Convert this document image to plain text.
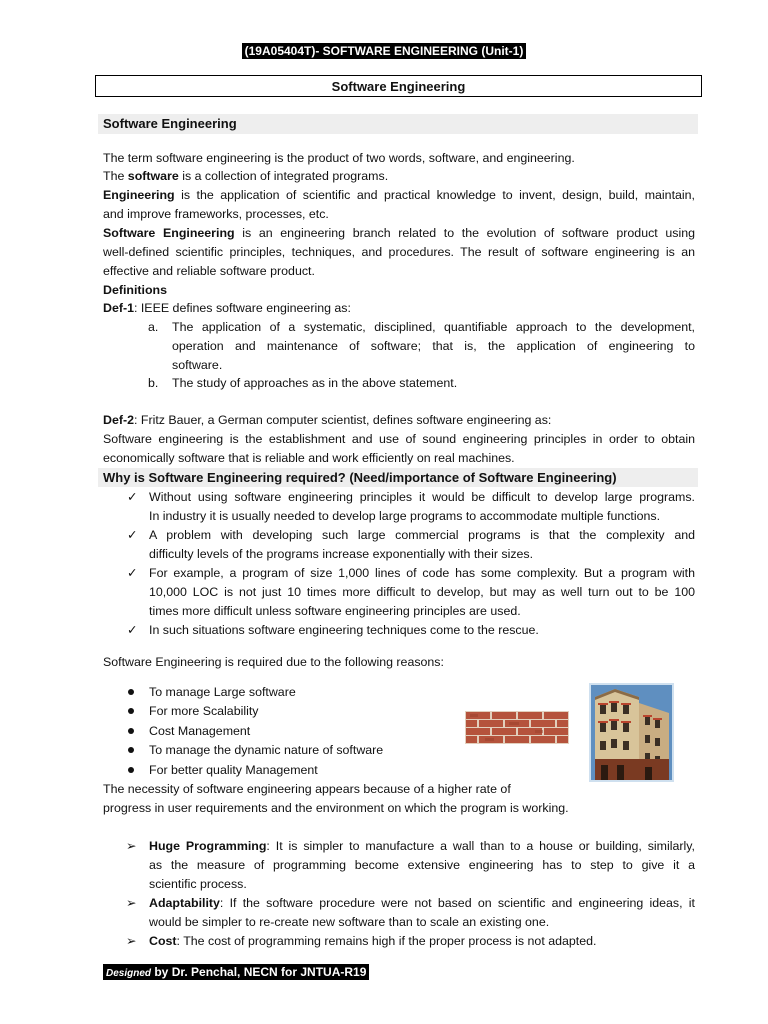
(19A05404T)- SOFTWARE ENGINEERING (Unit-1)
Software Engineering
Software Engineering
The term software engineering is the product of two words, software, and engineering.
The software is a collection of integrated programs.
Engineering is the application of scientific and practical knowledge to invent, design, build, maintain,
and improve frameworks, processes, etc.
Software Engineering is an engineering branch related to the evolution of software product using
well-defined scientific principles, techniques, and procedures. The result of software engineering is an
effective and reliable software product.
Definitions
Def-1: IEEE defines software engineering as:
a. The application of a systematic, disciplined, quantifiable approach to the development,
operation and maintenance of software; that is, the application of engineering to
software.
b. The study of approaches as in the above statement.
Def-2: Fritz Bauer, a German computer scientist, defines software engineering as:
Software engineering is the establishment and use of sound engineering principles in order to obtain
economically software that is reliable and work efficiently on real machines.
Why is Software Engineering required? (Need/importance of Software Engineering)
✓ Without using software engineering principles it would be difficult to develop large programs.
In industry it is usually needed to develop large programs to accommodate multiple functions.
✓ A problem with developing such large commercial programs is that the complexity and
difficulty levels of the programs increase exponentially with their sizes.
✓ For example, a program of size 1,000 lines of code has some complexity. But a program with
10,000 LOC is not just 10 times more difficult to develop, but may as well turn out to be 100
times more difficult unless software engineering principles are used.
✓ In such situations software engineering techniques come to the rescue.
Software Engineering is required due to the following reasons:
To manage Large software
For more Scalability
Cost Management
To manage the dynamic nature of software
For better quality Management
The necessity of software engineering appears because of a higher rate of
progress in user requirements and the environment on which the program is working.
➢ Huge Programming: It is simpler to manufacture a wall than to a house or building, similarly,
as the measure of programming become extensive engineering has to step to give it a
scientific process.
➢ Adaptability: If the software procedure were not based on scientific and engineering ideas, it
would be simpler to re-create new software than to scale an existing one.
➢ Cost: The cost of programming remains high if the proper process is not adapted.
Designed by Dr. Penchal, NECN for JNTUA-R19
